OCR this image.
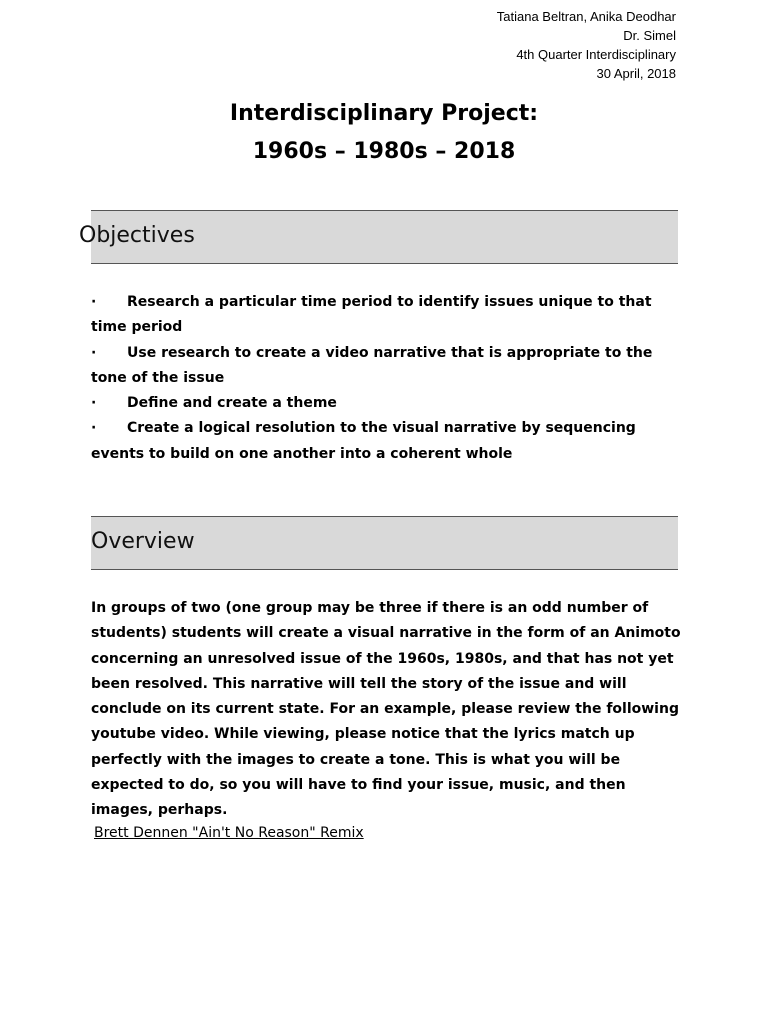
Tatiana Beltran, Anika Deodhar
Dr. Simel
4th Quarter Interdisciplinary
30 April, 2018
Interdisciplinary Project:
1960s – 1980s – 2018
Objectives

· Research a particular time period to identify issues unique to that time period

· Use research to create a video narrative that is appropriate to the tone of the issue

· Define and create a theme

· Create a logical resolution to the visual narrative by sequencing events to build on one another into a coherent whole

Overview

In groups of two (one group may be three if there is an odd number of students) students will create a visual narrative in the form of an Animoto concerning an unresolved issue of the 1960s, 1980s, and that has not yet been resolved. This narrative will tell the story of the issue and will conclude on its current state. For an example, please review the following youtube video. While viewing, please notice that the lyrics match up perfectly with the images to create a tone. This is what you will be expected to do, so you will have to find your issue, music, and then images, perhaps.

Brett Dennen "Ain't No Reason" Remix
